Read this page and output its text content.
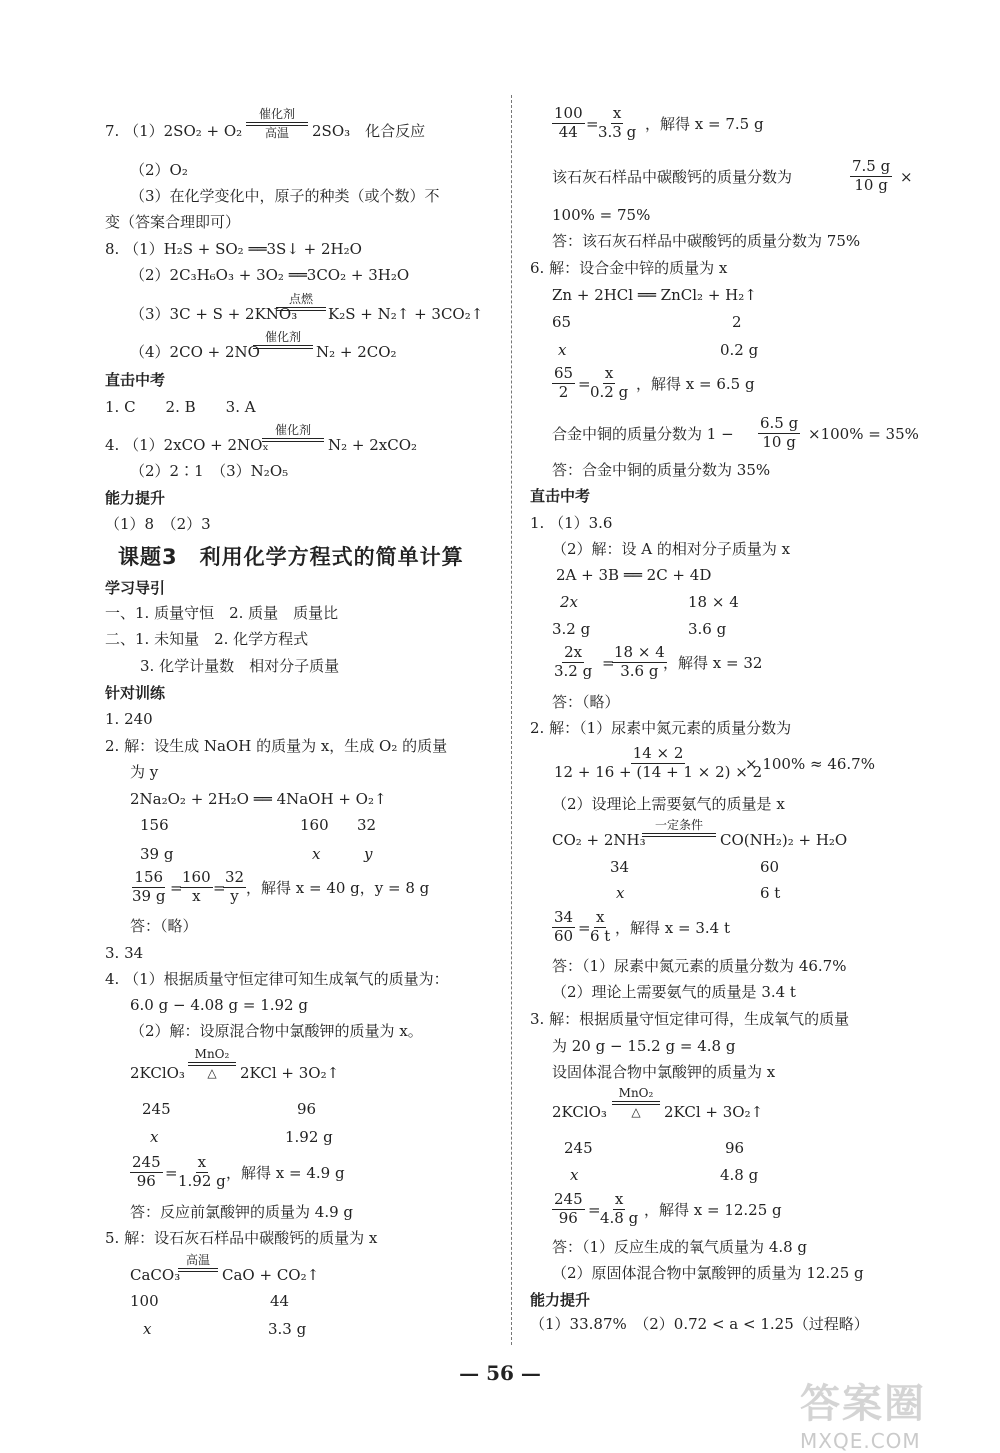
7. （1）2SO₂ + O₂
催化剂
高温 2SO₃　化合反应
（2）O₂
（3）在化学变化中，原子的种类（或个数）不
变（答案合理即可）
8. （1）H₂S + SO₂ ══3S↓ + 2H₂O
（2）2C₃H₆O₃ + 3O₂ ══3CO₂ + 3H₂O
（3）3C + S + 2KNO₃
点燃
K₂S + N₂↑ + 3CO₂↑
（4）2CO + 2NO
催化剂
N₂ + 2CO₂
直击中考
1. C　　2. B　　3. A
4. （1）2xCO + 2NOₓ
催化剂
N₂ + 2xCO₂
（2）2∶1　（3）N₂O₅
能力提升
（1）8　（2）3
课题3　利用化学方程式的简单计算
学习导引
一、1. 质量守恒　2. 质量　质量比
二、1. 未知量　2. 化学方程式
3. 化学计量数　相对分子质量
针对训练
1. 240
2. 解：设生成 NaOH 的质量为 x，生成 O₂ 的质量
为 y
2Na₂O₂ + 2H₂O ══ 4NaOH + O₂↑
156	160 32
39 g	x	y
$\frac{156}{39 g}$ =
$\frac{160}{x}$ =
$\frac{32}{y}$ ，解得 x = 40 g，y = 8 g
答：（略）
3. 34
4. （1）根据质量守恒定律可知生成氧气的质量为：
6.0 g − 4.08 g = 1.92 g
（2）解：设原混合物中氯酸钾的质量为 x。
2KClO₃
MnO₂
△ 2KCl + 3O₂↑
245	96
x	1.92 g
$\frac{245}{96}$ =
$\frac{x}{1.92 g}$
，解得 x = 4.9 g
答：反应前氯酸钾的质量为 4.9 g
5. 解：设石灰石样品中碳酸钙的质量为 x
CaCO₃
高温
CaO + CO₂↑
100	44
x	3.3 g
$\frac{100}{44}$ =
$\frac{x}{3.3 g}$ ，解得 x = 7.5 g
该石灰石样品中碳酸钙的质量分数为	$\frac{7.5 g}{10 g}$ ×
100% = 75%
答：该石灰石样品中碳酸钙的质量分数为 75%
6. 解：设合金中锌的质量为 x
Zn + 2HCl ══ ZnCl₂ + H₂↑
65	2
x	0.2 g
$\frac{65}{2}$ =
$\frac{x}{0.2 g}$ ，解得 x = 6.5 g
合金中铜的质量分数为 $1 - \frac{6.5 g}{10 g} \times 100\% = 35\%$
答：合金中铜的质量分数为 35%
直击中考
1. （1）3.6
（2）解：设 A 的相对分子质量为 x
2A + 3B ══ 2C + 4D
2x	18 × 4
3.2 g	3.6 g
$\frac{2x}{3.2 g}$ =
$\frac{18 \times 4}{3.6 g}$
，解得 x = 32
答：（略）
2. 解：（1）尿素中氮元素的质量分数为
$\frac{14 \times 2}{12 + 16 + (14 + 1 \times 2) \times 2}$
× 100% ≈ 46.7%
（2）设理论上需要氨气的质量是 x
CO₂ + 2NH₃
一定条件
CO(NH₂)₂ + H₂O
34	60
x	6 t
$\frac{34}{60}$ =
$\frac{x}{6 t}$ ，解得 x = 3.4 t
答：（1）尿素中氮元素的质量分数为 46.7%
（2）理论上需要氨气的质量是 3.4 t
3. 解：根据质量守恒定律可得，生成氧气的质量
为 20 g − 15.2 g = 4.8 g
设固体混合物中氯酸钾的质量为 x
2KClO₃
MnO₂
△ 2KCl + 3O₂↑
245	96
x	4.8 g
$\frac{245}{96}$ =
$\frac{x}{4.8 g}$ ，解得 x = 12.25 g
答：（1）反应生成的氧气质量为 4.8 g
（2）原固体混合物中氯酸钾的质量为 12.25 g
能力提升
（1）33.87%　（2）0.72 < a < 1.25（过程略）
— 56 —
答案圈
MXQE.COM
